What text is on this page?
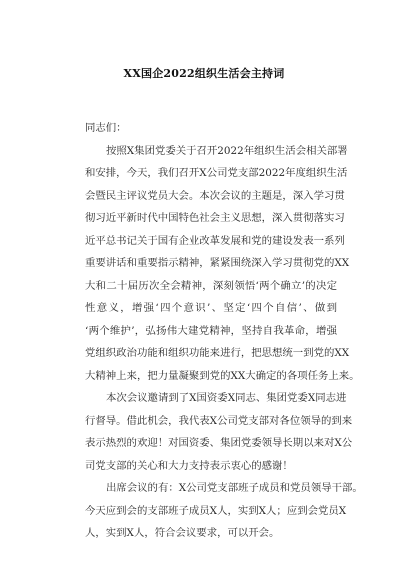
XX国企2022组织生活会主持词
同志们：
按照X集团党委关于召开2022年组织生活会相关部署
和安排，今天，我们召开X公司党支部2022年度组织生活
会暨民主评议党员大会。本次会议的主题是，深入学习贯
彻习近平新时代中国特色社会主义思想，深入贯彻落实习
近平总书记关于国有企业改革发展和党的建设发表一系列
重要讲话和重要指示精神，紧紧围绕深入学习贯彻党的XX
大和二十届历次全会精神，深刻领悟‘两个确立’的决定
性意义，增强‘四个意识’、坚定‘四个自信’、做到
‘两个维护’，弘扬伟大建党精神，坚持自我革命，增强
党组织政治功能和组织功能来进行，把思想统一到党的XX
大精神上来，把力量凝聚到党的XX大确定的各项任务上来。
本次会议邀请到了X国资委X同志、集团党委X同志进
行督导。借此机会，我代表X公司党支部对各位领导的到来
表示热烈的欢迎！对国资委、集团党委领导长期以来对X公
司党支部的关心和大力支持表示衷心的感谢！
出席会议的有：X公司党支部班子成员和党员领导干部。
今天应到会的支部班子成员X人，实到X人；应到会党员X
人，实到X人，符合会议要求，可以开会。
